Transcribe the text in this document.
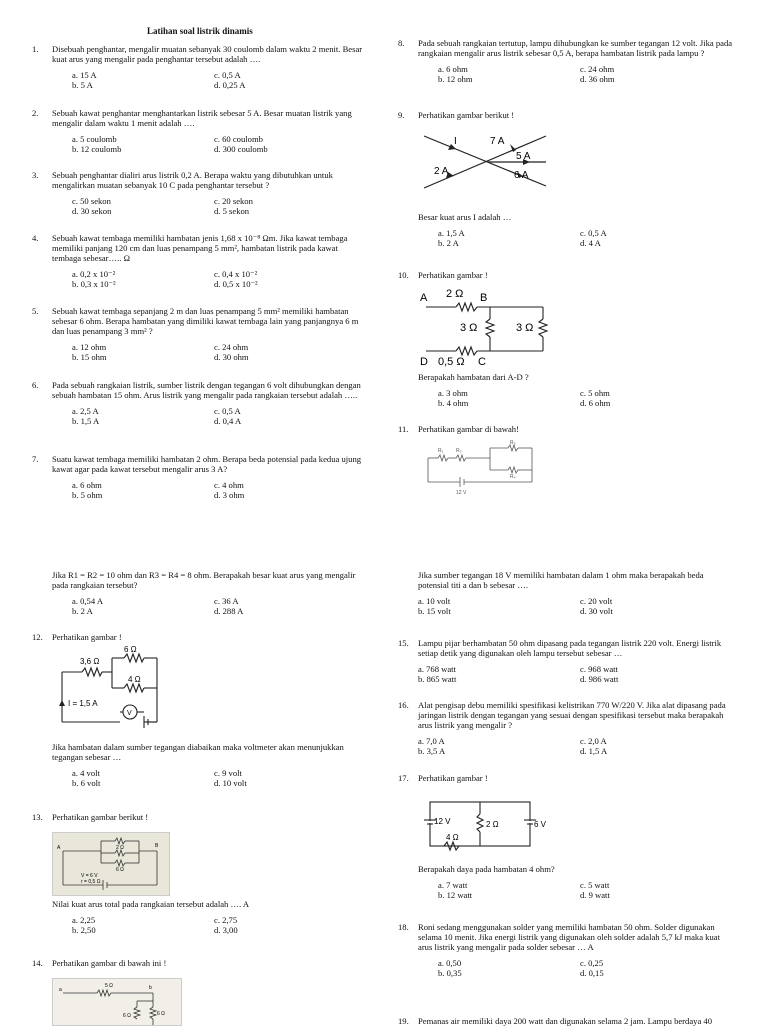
Latihan soal listrik dinamis
1. Disebuah penghantar, mengalir muatan sebanyak 30 coulomb dalam waktu 2 menit. Besar kuat arus yang mengalir pada penghantar tersebut adalah ….
a. 15 A
b. 5 A
c. 0,5 A
d. 0,25 A
2. Sebuah kawat penghantar menghantarkan listrik sebesar 5 A. Besar muatan listrik yang mengalir dalam waktu 1 menit adalah ….
a. 5 coulomb
b. 12 coulomb
c. 60 coulomb
d. 300 coulomb
3. Sebuah penghantar dialiri arus listrik 0,2 A. Berapa waktu yang dibutuhkan untuk mengalirkan muatan sebanyak 10 C pada penghantar tersebut ?
c. 50 sekon
d. 30 sekon
c. 20 sekon
d. 5 sekon
4. Sebuah kawat tembaga memiliki hambatan jenis 1,68 x 10⁻⁸ Ωm. Jika kawat tembaga memiliki panjang 120 cm dan luas penampang 5 mm², hambatan listrik pada kawat tembaga sebesar….. Ω
a. 0,2 x 10⁻²
b. 0,3 x 10⁻²
c. 0,4 x 10⁻²
d. 0,5 x 10⁻²
5. Sebuah kawat tembaga sepanjang 2 m dan luas penampang 5 mm² memiliki hambatan sebesar 6 ohm. Berapa hambatan yang dimiliki kawat tembaga lain yang panjangnya 6 m dan luas penampang 3 mm² ?
a. 12 ohm
b. 15 ohm
c. 24 ohm
d. 30 ohm
6. Pada sebuah rangkaian listrik, sumber listrik dengan tegangan 6 volt dihubungkan dengan sebuah hambatan 15 ohm. Arus listrik yang mengalir pada rangkaian tersebut adalah …..
a. 2,5 A
b. 1,5 A
c. 0,5 A
d. 0,4 A
7. Suatu kawat tembaga memiliki hambatan 2 ohm. Berapa beda potensial pada kedua ujung kawat agar pada kawat tersebut mengalir arus 3 A?
a. 6 ohm
b. 5 ohm
c. 4 ohm
d. 3 ohm
8. Pada sebuah rangkaian tertutup, lampu dihubungkan ke sumber tegangan 12 volt. Jika pada rangkaian mengalir arus listrik sebesar 0,5 A, berapa hambatan listrik pada lampu ?
a. 6 ohm
b. 12 ohm
c. 24 ohm
d. 36 ohm
9. Perhatikan gambar berikut !
I	7 A
5 A
2 A	6 A
Besar kuat arus I adalah …
a. 1,5 A
b. 2 A
c. 0,5 A
d. 4 A
10. Perhatikan gambar !
A 2 Ω B
3 Ω	3 Ω
D 0,5 Ω C
Berapakah hambatan dari A-D ?
a. 3 ohm
b. 4 ohm
c. 5 ohm
d. 6 ohm
11. Perhatikan gambar di bawah!
R₁	R₂
R₃
R₄
12 V
Jika R1 = R2 = 10 ohm dan R3 = R4 = 8 ohm. Berapakah besar kuat arus yang mengalir pada rangkaian tersebut?
a. 0,54 A
b. 2 A
c. 36 A
d. 288 A
12. Perhatikan gambar !
6 Ω
3,6 Ω
4 Ω
I = 1,5 A
V
Jika hambatan dalam sumber tegangan diabaikan maka voltmeter akan menunjukkan tegangan sebesar …
a. 4 volt
b. 6 volt
c. 9 volt
d. 10 volt
13. Perhatikan gambar berikut !
A	B
2 Ω
6 Ω
V = 6 V
r = 0,5 Ω
Nilai kuat arus total pada rangkaian tersebut adalah …. A
a. 2,25
b. 2,50
c. 2,75
d. 3,00
14. Perhatikan gambar di bawah ini !
5 Ω
a	b
6 Ω	6 Ω
Jika sumber tegangan 18 V memiliki hambatan dalam 1 ohm maka berapakah beda potensial titi a dan b sebesar ….
a. 10 volt
b. 15 volt
c. 20 volt
d. 30 volt
15. Lampu pijar berhambatan 50 ohm dipasang pada tegangan listrik 220 volt. Energi listrik setiap detik yang digunakan oleh lampu tersebut sebesar …
a. 768 watt
b. 865 watt
c. 968 watt
d. 986 watt
16. Alat pengisap debu memiliki spesifikasi kelistrikan 770 W/220 V. Jika alat dipasang pada jaringan listrik dengan tegangan yang sesuai dengan spesifikasi tersebut maka berapakah arus listrik yang mengalir ?
a. 7,0 A
b. 3,5 A
c. 2,0 A
d. 1,5 A
17. Perhatikan gambar !
12 V	2 Ω	6 V
4 Ω
Berapakah daya pada hambatan 4 ohm?
a. 7 watt
b. 12 watt
c. 5 watt
d. 9 watt
18. Roni sedang menggunakan solder yang memiliki hambatan 50 ohm. Solder digunakan selama 10 menit. Jika energi listrik yang digunakan oleh solder adalah 5,7 kJ maka kuat arus listrik yang mengalir pada solder sebesar … A
a. 0,50
b. 0,35
c. 0,25
d. 0,15
19. Pemanas air memiliki daya 200 watt dan digunakan selama 2 jam. Lampu berdaya 40
